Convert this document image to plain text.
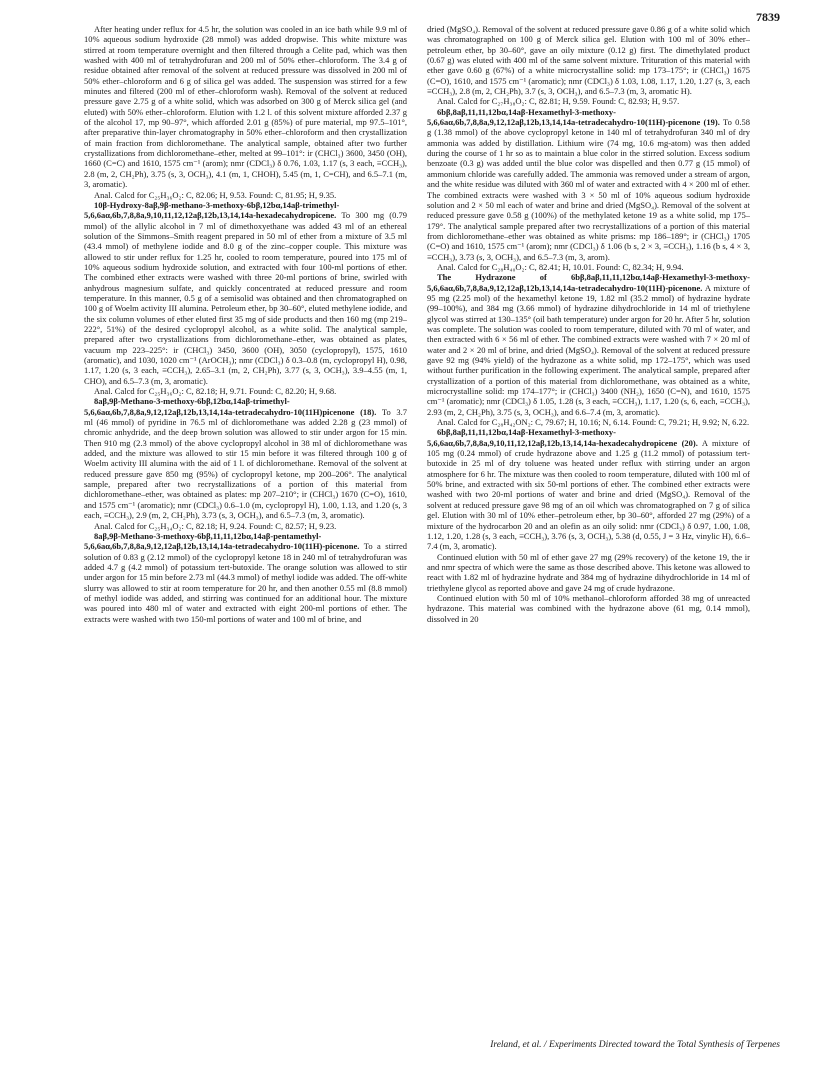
7839

After heating under reflux for 4.5 hr, the solution was cooled in an ice bath while 9.9 ml of 10% aqueous sodium hydroxide (28 mmol) was added dropwise. This white mixture was stirred at room temperature overnight and then filtered through a Celite pad, which was then washed with 400 ml of tetrahydrofuran and 200 ml of 50% ether–chloroform. The 3.4 g of residue obtained after removal of the solvent at reduced pressure was dissolved in 200 ml of 50% ether–chloroform and 6 g of silica gel was added. The suspension was stirred for a few minutes and filtered (200 ml of ether–chloroform wash). Removal of the solvent at reduced pressure gave 2.75 g of a white solid, which was adsorbed on 300 g of Merck silica gel (and eluted) with 50% ether–chloroform. Elution with 1.2 l. of this solvent mixture afforded 2.37 g of the alcohol 17, mp 90–97°, which afforded 2.01 g (85%) of pure material, mp 97.5–101°, after preparative thin-layer chromatography in 50% ether–chloroform and then crystallization of main fraction from dichloromethane. The analytical sample, obtained after two further crystallizations from dichloromethane–ether, melted at 99–101°: ir (CHCl₃) 3600, 3450 (OH), 1660 (C=C) and 1610, 1575 cm⁻¹ (arom); nmr (CDCl₃) δ 0.76, 1.03, 1.17 (s, 3 each, ≡CCH₃), 2.8 (m, 2, CH₂Ph), 3.75 (s, 3, OCH₃), 4.1 (m, 1, CHOH), 5.45 (m, 1, C=CH), and 6.5–7.1 (m, 3, aromatic).

Anal. Calcd for C₂₅H₃₆O₂: C, 82.06; H, 9.53. Found: C, 81.95; H, 9.35.

10β-Hydroxy-8aβ,9β-methano-3-methoxy-6bβ,12bα,14aβ-trimethyl-5,6,6aα,6b,7,8,8a,9,10,11,12,12aβ,12b,13,14,14a-hexadecahydropicene. To 300 mg (0.79 mmol) of the allylic alcohol in 7 ml of dimethoxyethane was added 43 ml of an ethereal solution of the Simmons–Smith reagent prepared in 50 ml of ether from a mixture of 3.5 ml (43.4 mmol) of methylene iodide and 8.0 g of the zinc–copper couple. This mixture was allowed to stir under reflux for 1.25 hr, cooled to room temperature, poured into 175 ml of 10% aqueous sodium hydroxide solution, and extracted with four 100-ml portions of ether. The combined ether extracts were washed with three 20-ml portions of brine, swirled with anhydrous magnesium sulfate, and quickly concentrated at reduced pressure and room temperature. In this manner, 0.5 g of a semisolid was obtained and then chromatographed on 100 g of Woelm activity III alumina. Petroleum ether, bp 30–60°, eluted methylene iodide, and the six column volumes of ether eluted first 35 mg of side products and then 160 mg (mp 219–222°, 51%) of the desired cyclopropyl alcohol, as a white solid. The analytical sample, prepared after two crystallizations from dichloromethane–ether, was obtained as plates, vacuum mp 223–225°: ir (CHCl₃) 3450, 3600 (OH), 3050 (cyclopropyl), 1575, 1610 (aromatic), and 1030, 1020 cm⁻¹ (ArOCH₃); nmr (CDCl₃) δ 0.3–0.8 (m, cyclopropyl H), 0.98, 1.17, 1.20 (s, 3 each, ≡CCH₃), 2.65–3.1 (m, 2, CH₂Ph), 3.77 (s, 3, OCH₃), 3.9–4.55 (m, 1, CHO), and 6.5–7.3 (m, 3, aromatic).

Anal. Calcd for C₂₅H₃₆O₂: C, 82.18; H, 9.71. Found: C, 82.20; H, 9.68.

8aβ,9β-Methano-3-methoxy-6bβ,12bα,14aβ-trimethyl-5,6,6aα,6b,7,8,8a,9,12,12aβ,12b,13,14,14a-tetradecahydro-10(11H)picenone (18). To 3.7 ml (46 mmol) of pyridine in 76.5 ml of dichloromethane was added 2.28 g (23 mmol) of chromic anhydride, and the deep brown solution was allowed to stir under argon for 15 min. Then 910 mg (2.3 mmol) of the above cyclopropyl alcohol in 38 ml of dichloromethane was added, and the mixture was allowed to stir 15 min before it was filtered through 100 g of Woelm activity III alumina with the aid of 1 l. of dichloromethane. Removal of the solvent at reduced pressure gave 850 mg (95%) of cyclopropyl ketone, mp 200–206°. The analytical sample, prepared after two recrystallizations of a portion of this material from dichloromethane–ether, was obtained as plates: mp 207–210°; ir (CHCl₃) 1670 (C=O), 1610, and 1575 cm⁻¹ (aromatic); nmr (CDCl₃) 0.6–1.0 (m, cyclopropyl H), 1.00, 1.13, and 1.20 (s, 3 each, ≡CCH₃), 2.9 (m, 2, CH₂Ph), 3.73 (s, 3, OCH₃), and 6.5–7.3 (m, 3, aromatic).

Anal. Calcd for C₂₅H₃₄O₂: C, 82.18; H, 9.24. Found: C, 82.57; H, 9.23.

8aβ,9β-Methano-3-methoxy-6bβ,11,11,12bα,14aβ-pentamethyl-5,6,6aα,6b,7,8,8a,9,12,12aβ,12b,13,14,14a-tetradecahydro-10(11H)-picenone. To a stirred solution of 0.83 g (2.12 mmol) of the cyclopropyl ketone 18 in 240 ml of tetrahydrofuran was added 4.7 g (4.2 mmol) of potassium tert-butoxide. The orange solution was allowed to stir under argon for 15 min before 2.73 ml (44.3 mmol) of methyl iodide was added. The off-white slurry was allowed to stir at room temperature for 20 hr, and then another 0.55 ml (8.8 mmol) of methyl iodide was added, and stirring was continued for an additional hour. The mixture was poured into 480 ml of water and extracted with eight 200-ml portions of ether. The extracts were washed with two 150-ml portions of water and 100 ml of brine, and

dried (MgSO₄). Removal of the solvent at reduced pressure gave 0.86 g of a white solid which was chromatographed on 100 g of Merck silica gel. Elution with 100 ml of 30% ether–petroleum ether, bp 30–60°, gave an oily mixture (0.12 g) first. The dimethylated product (0.67 g) was eluted with 400 ml of the same solvent mixture. Trituration of this material with ether gave 0.60 g (67%) of a white microcrystalline solid: mp 173–175°; ir (CHCl₃) 1675 (C=O), 1610, and 1575 cm⁻¹ (aromatic); nmr (CDCl₃) δ 1.03, 1.08, 1.17, 1.20, 1.27 (s, 3, each ≡CCH₃), 2.8 (m, 2, CH₂Ph), 3.7 (s, 3, OCH₃), and 6.5–7.3 (m, 3, aromatic H).

Anal. Calcd for C₂₇H₃₈O₂: C, 82.81; H, 9.59. Found: C, 82.93; H, 9.57.

6bβ,8aβ,11,11,12bα,14aβ-Hexamethyl-3-methoxy-5,6,6aα,6b,7,8,8a,9,12,12aβ,12b,13,14,14a-tetradecahydro-10(11H)-picenone (19). To 0.58 g (1.38 mmol) of the above cyclopropyl ketone in 140 ml of tetrahydrofuran 340 ml of dry ammonia was added by distillation. Lithium wire (74 mg, 10.6 mg-atom) was then added during the course of 1 hr so as to maintain a blue color in the stirred solution. Excess sodium benzoate (0.3 g) was added until the blue color was dispelled and then 0.77 g (15 mmol) of ammonium chloride was carefully added. The ammonia was removed under a stream of argon, and the white residue was diluted with 360 ml of water and extracted with 4 × 200 ml of ether. The combined extracts were washed with 3 × 50 ml of 10% aqueous sodium hydroxide solution and 2 × 50 ml each of water and brine and dried (MgSO₄). Removal of the solvent at reduced pressure gave 0.58 g (100%) of the methylated ketone 19 as a white solid, mp 175–179°. The analytical sample prepared after two recrystallizations of a portion of this material from dichloromethane–ether was obtained as white prisms: mp 186–189°; ir (CHCl₃) 1705 (C=O) and 1610, 1575 cm⁻¹ (arom); nmr (CDCl₃) δ 1.06 (b s, 2 × 3, ≡CCH₃), 1.16 (b s, 4 × 3, ≡CCH₃), 3.73 (s, 3, OCH₃), and 6.5–7.3 (m, 3, arom).

Anal. Calcd for C₂₈H₄₀O₂: C, 82.41; H, 10.01. Found: C, 82.34; H, 9.94.

The Hydrazone of 6bβ,8aβ,11,11,12bα,14aβ-Hexamethyl-3-methoxy-5,6,6aα,6b,7,8,8a,9,12,12aβ,12b,13,14,14a-tetradecahydro-10(11H)-picenone. A mixture of 95 mg (2.25 mol) of the hexamethyl ketone 19, 1.82 ml (35.2 mmol) of hydrazine hydrate (99–100%), and 384 mg (3.66 mmol) of hydrazine dihydrochloride in 14 ml of triethylene glycol was stirred at 130–135° (oil bath temperature) under argon for 20 hr. After 5 hr, solution was complete. The solution was cooled to room temperature, diluted with 70 ml of water, and then extracted with 6 × 56 ml of ether. The combined extracts were washed with 7 × 20 ml of water and 2 × 20 ml of brine, and dried (MgSO₄). Removal of the solvent at reduced pressure gave 92 mg (94% yield) of the hydrazone as a white solid, mp 172–175°, which was used without further purification in the following experiment. The analytical sample, prepared after crystallization of a portion of this material from dichloromethane, was obtained as a white, microcrystalline solid: mp 174–177°; ir (CHCl₃) 3400 (NH₂), 1650 (C=N), and 1610, 1575 cm⁻¹ (aromatic); nmr (CDCl₃) δ 1.05, 1.28 (s, 3 each, ≡CCH₃), 1.17, 1.20 (s, 6, each, ≡CCH₃), 2.93 (m, 2, CH₂Ph), 3.75 (s, 3, OCH₃), and 6.6–7.4 (m, 3, aromatic).

Anal. Calcd for C₂₈H₄₂ON₂: C, 79.67; H, 10.16; N, 6.14. Found: C, 79.21; H, 9.92; N, 6.22.

6bβ,8aβ,11,11,12bα,14aβ-Hexamethyl-3-methoxy-5,6,6aα,6b,7,8,8a,9,10,11,12,12aβ,12b,13,14,14a-hexadecahydropicene (20). A mixture of 105 mg (0.24 mmol) of crude hydrazone above and 1.25 g (11.2 mmol) of potassium tert-butoxide in 25 ml of dry toluene was heated under reflux with stirring under an argon atmosphere for 6 hr. The mixture was then cooled to room temperature, diluted with 100 ml of 50% brine, and extracted with six 50-ml portions of ether. The combined ether extracts were washed with two 20-ml portions of water and brine and dried (MgSO₄). Removal of the solvent at reduced pressure gave 98 mg of an oil which was chromatographed on 7 g of silica gel. Elution with 30 ml of 10% ether–petroleum ether, bp 30–60°, afforded 27 mg (29%) of a mixture of the hydrocarbon 20 and an olefin as an oily solid: nmr (CDCl₃) δ 0.97, 1.00, 1.08, 1.12, 1.20, 1.28 (s, 3 each, ≡CCH₃), 3.76 (s, 3, OCH₃), 5.38 (d, 0.55, J = 3 Hz, vinylic H), 6.6–7.4 (m, 3, aromatic).

Continued elution with 50 ml of ether gave 27 mg (29% recovery) of the ketone 19, the ir and nmr spectra of which were the same as those described above. This ketone was allowed to react with 1.82 ml of hydrazine hydrate and 384 mg of hydrazine dihydrochloride in 14 ml of triethylene glycol as reported above and gave 24 mg of crude hydrazone.

Continued elution with 50 ml of 10% methanol–chloroform afforded 38 mg of unreacted hydrazone. This material was combined with the hydrazone above (61 mg, 0.14 mmol), dissolved in 20

Ireland, et al. / Experiments Directed toward the Total Synthesis of Terpenes
